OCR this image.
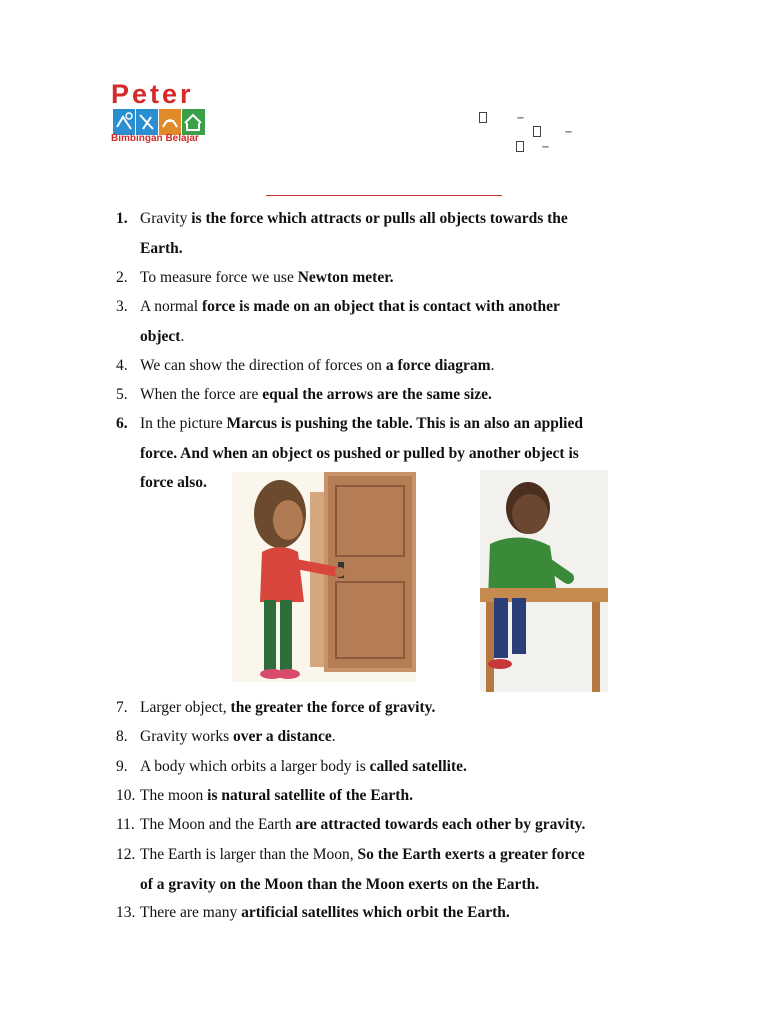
Peter
Bimbingan Belajar
−
−
−
1. Gravity is the force which attracts or pulls all objects towards the
Earth.
2. To measure force we use Newton meter.
3. A normal force is made on an object that is contact with another
object.
4. We can show the direction of forces on a force diagram.
5. When the force are equal the arrows are the same size.
6. In the picture Marcus is pushing the table. This is an also an applied
force. And when an object os pushed or pulled by another object is
force also.
7. Larger object, the greater the force of gravity.
8. Gravity works over a distance.
9. A body which orbits a larger body is called satellite.
10. The moon is natural satellite of the Earth.
11. The Moon and the Earth are attracted towards each other by gravity.
12. The Earth is larger than the Moon, So the Earth exerts a greater force
of a gravity on the Moon than the Moon exerts on the Earth.
13. There are many artificial satellites which orbit the Earth.
